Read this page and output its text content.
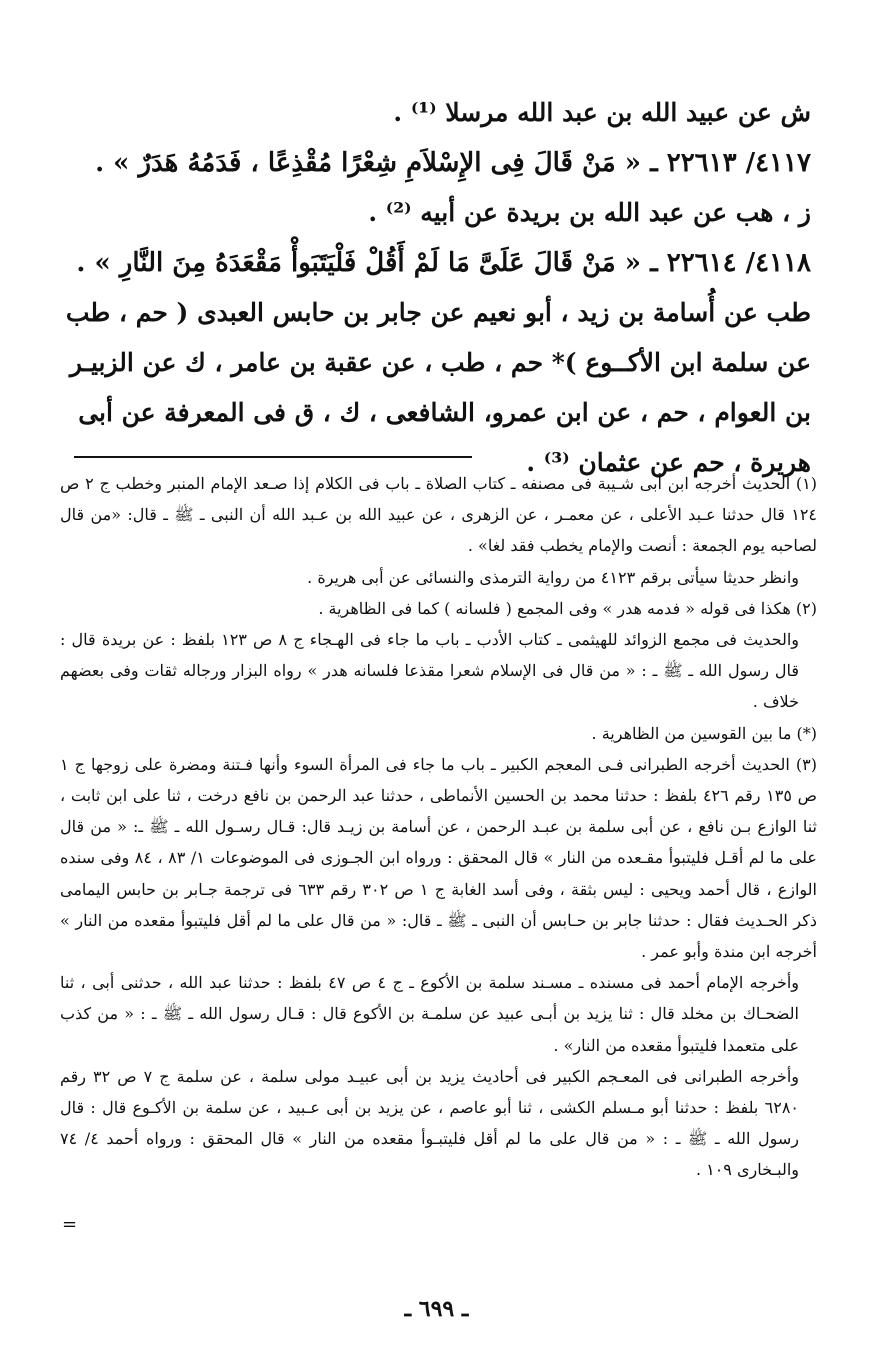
ش عن عبيد الله بن عبد الله مرسلا ⁽¹⁾ .

٤١١٧/ ٢٢٦١٣ ـ « مَنْ قَالَ فِى الإِسْلاَمِ شِعْرًا مُقْذِعًا ، فَدَمُهُ هَدَرٌ » .

ز ، هب عن عبد الله بن بريدة عن أبيه ⁽²⁾ .

٤١١٨/ ٢٢٦١٤ ـ « مَنْ قَالَ عَلَىَّ مَا لَمْ أَقُلْ فَلْيَتَبَوأْ مَقْعَدَهُ مِنَ النَّارِ » .

طب عن أُسامة بن زيد ، أبو نعيم عن جابر بن حابس العبدى ( حم ، طب عن سلمة ابن الأكــوع )* حم ، طب ، عن عقبة بن عامر ، ك عن الزبيـر بن العوام ، حم ، عن ابن عمرو، الشافعى ، ك ، ق فى المعرفة عن أبى هريرة ، حم عن عثمان ⁽³⁾ .

(١) الحديث أخرجه ابن أبى شـيبة فى مصنفه ـ كتاب الصلاة ـ باب فى الكلام إذا صـعد الإمام المنبر وخطب ج ٢ ص ١٢٤ قال حدثنا عـبد الأعلى ، عن معمـر ، عن الزهرى ، عن عبيد الله بن عـبد الله أن النبى ـ ﷺ ـ قال: «من قال لصاحبه يوم الجمعة : أنصت والإمام يخطب فقد لغا» .

وانظر حديثا سيأتى برقم ٤١٢٣ من رواية الترمذى والنسائى عن أبى هريرة .

(٢) هكذا فى قوله « فدمه هدر » وفى المجمع ( فلسانه ) كما فى الظاهرية .

والحديث فى مجمع الزوائد للهيثمى ـ كتاب الأدب ـ باب ما جاء فى الهـجاء ج ٨ ص ١٢٣ بلفظ : عن بريدة قال : قال رسول الله ـ ﷺ ـ : « من قال فى الإسلام شعرا مقذعا فلسانه هدر » رواه البزار ورجاله ثقات وفى بعضهم خلاف .

(*) ما بين القوسين من الظاهرية .

(٣) الحديث أخرجه الطبرانى فـى المعجم الكبير ـ باب ما جاء فى المرأة السوء وأنها فـتنة ومضرة على زوجها ج ١ ص ١٣٥ رقم ٤٢٦ بلفظ : حدثنا محمد بن الحسين الأنماطى ، حدثنا عبد الرحمن بن نافع درخت ، ثنا على ابن ثابت ، ثنا الوازع بـن نافع ، عن أبى سلمة بن عبـد الرحمن ، عن أسامة بن زيـد قال: قـال رسـول الله ـ ﷺ ـ: « من قال على ما لم أقـل فليتبوأ مقـعده من النار » قال المحقق : ورواه ابن الجـوزى فى الموضوعات ١/ ٨٣ ، ٨٤ وفى سنده الوازع ، قال أحمد ويحيى : ليس بثقة ، وفى أسد الغابة ج ١ ص ٣٠٢ رقم ٦٣٣ فى ترجمة جـابر بن حابس اليمامى ذكر الحـديث فقال : حدثنا جابر بن حـابس أن النبى ـ ﷺ ـ قال: « من قال على ما لم أقل فليتبوأ مقعده من النار » أخرجه ابن مندة وأبو عمر .

وأخرجه الإمام أحمد فى مسنده ـ مسـند سلمة بن الأكوع ـ ج ٤ ص ٤٧ بلفظ : حدثنا عبد الله ، حدثنى أبى ، ثنا الضحـاك بن مخلد قال : ثنا يزيد بن أبـى عبيد عن سلمـة بن الأكوع قال : قـال رسول الله ـ ﷺ ـ : « من كذب على متعمدا فليتبوأ مقعده من النار» .

وأخرجه الطبرانى فى المعـجم الكبير فى أحاديث يزيد بن أبى عبيـد مولى سلمة ، عن سلمة ج ٧ ص ٣٢ رقم ٦٢٨٠ بلفظ : حدثنا أبو مـسلم الكشى ، ثنا أبو عاصم ، عن يزيد بن أبى عـبيد ، عن سلمة بن الأكـوع قال : قال رسول الله ـ ﷺ ـ : « من قال على ما لم أقل فليتبـوأ مقعده من النار » قال المحقق : ورواه أحمد ٤/ ٧٤ والبـخارى ١٠٩ .

=
ـ ٦٩٩ ـ
